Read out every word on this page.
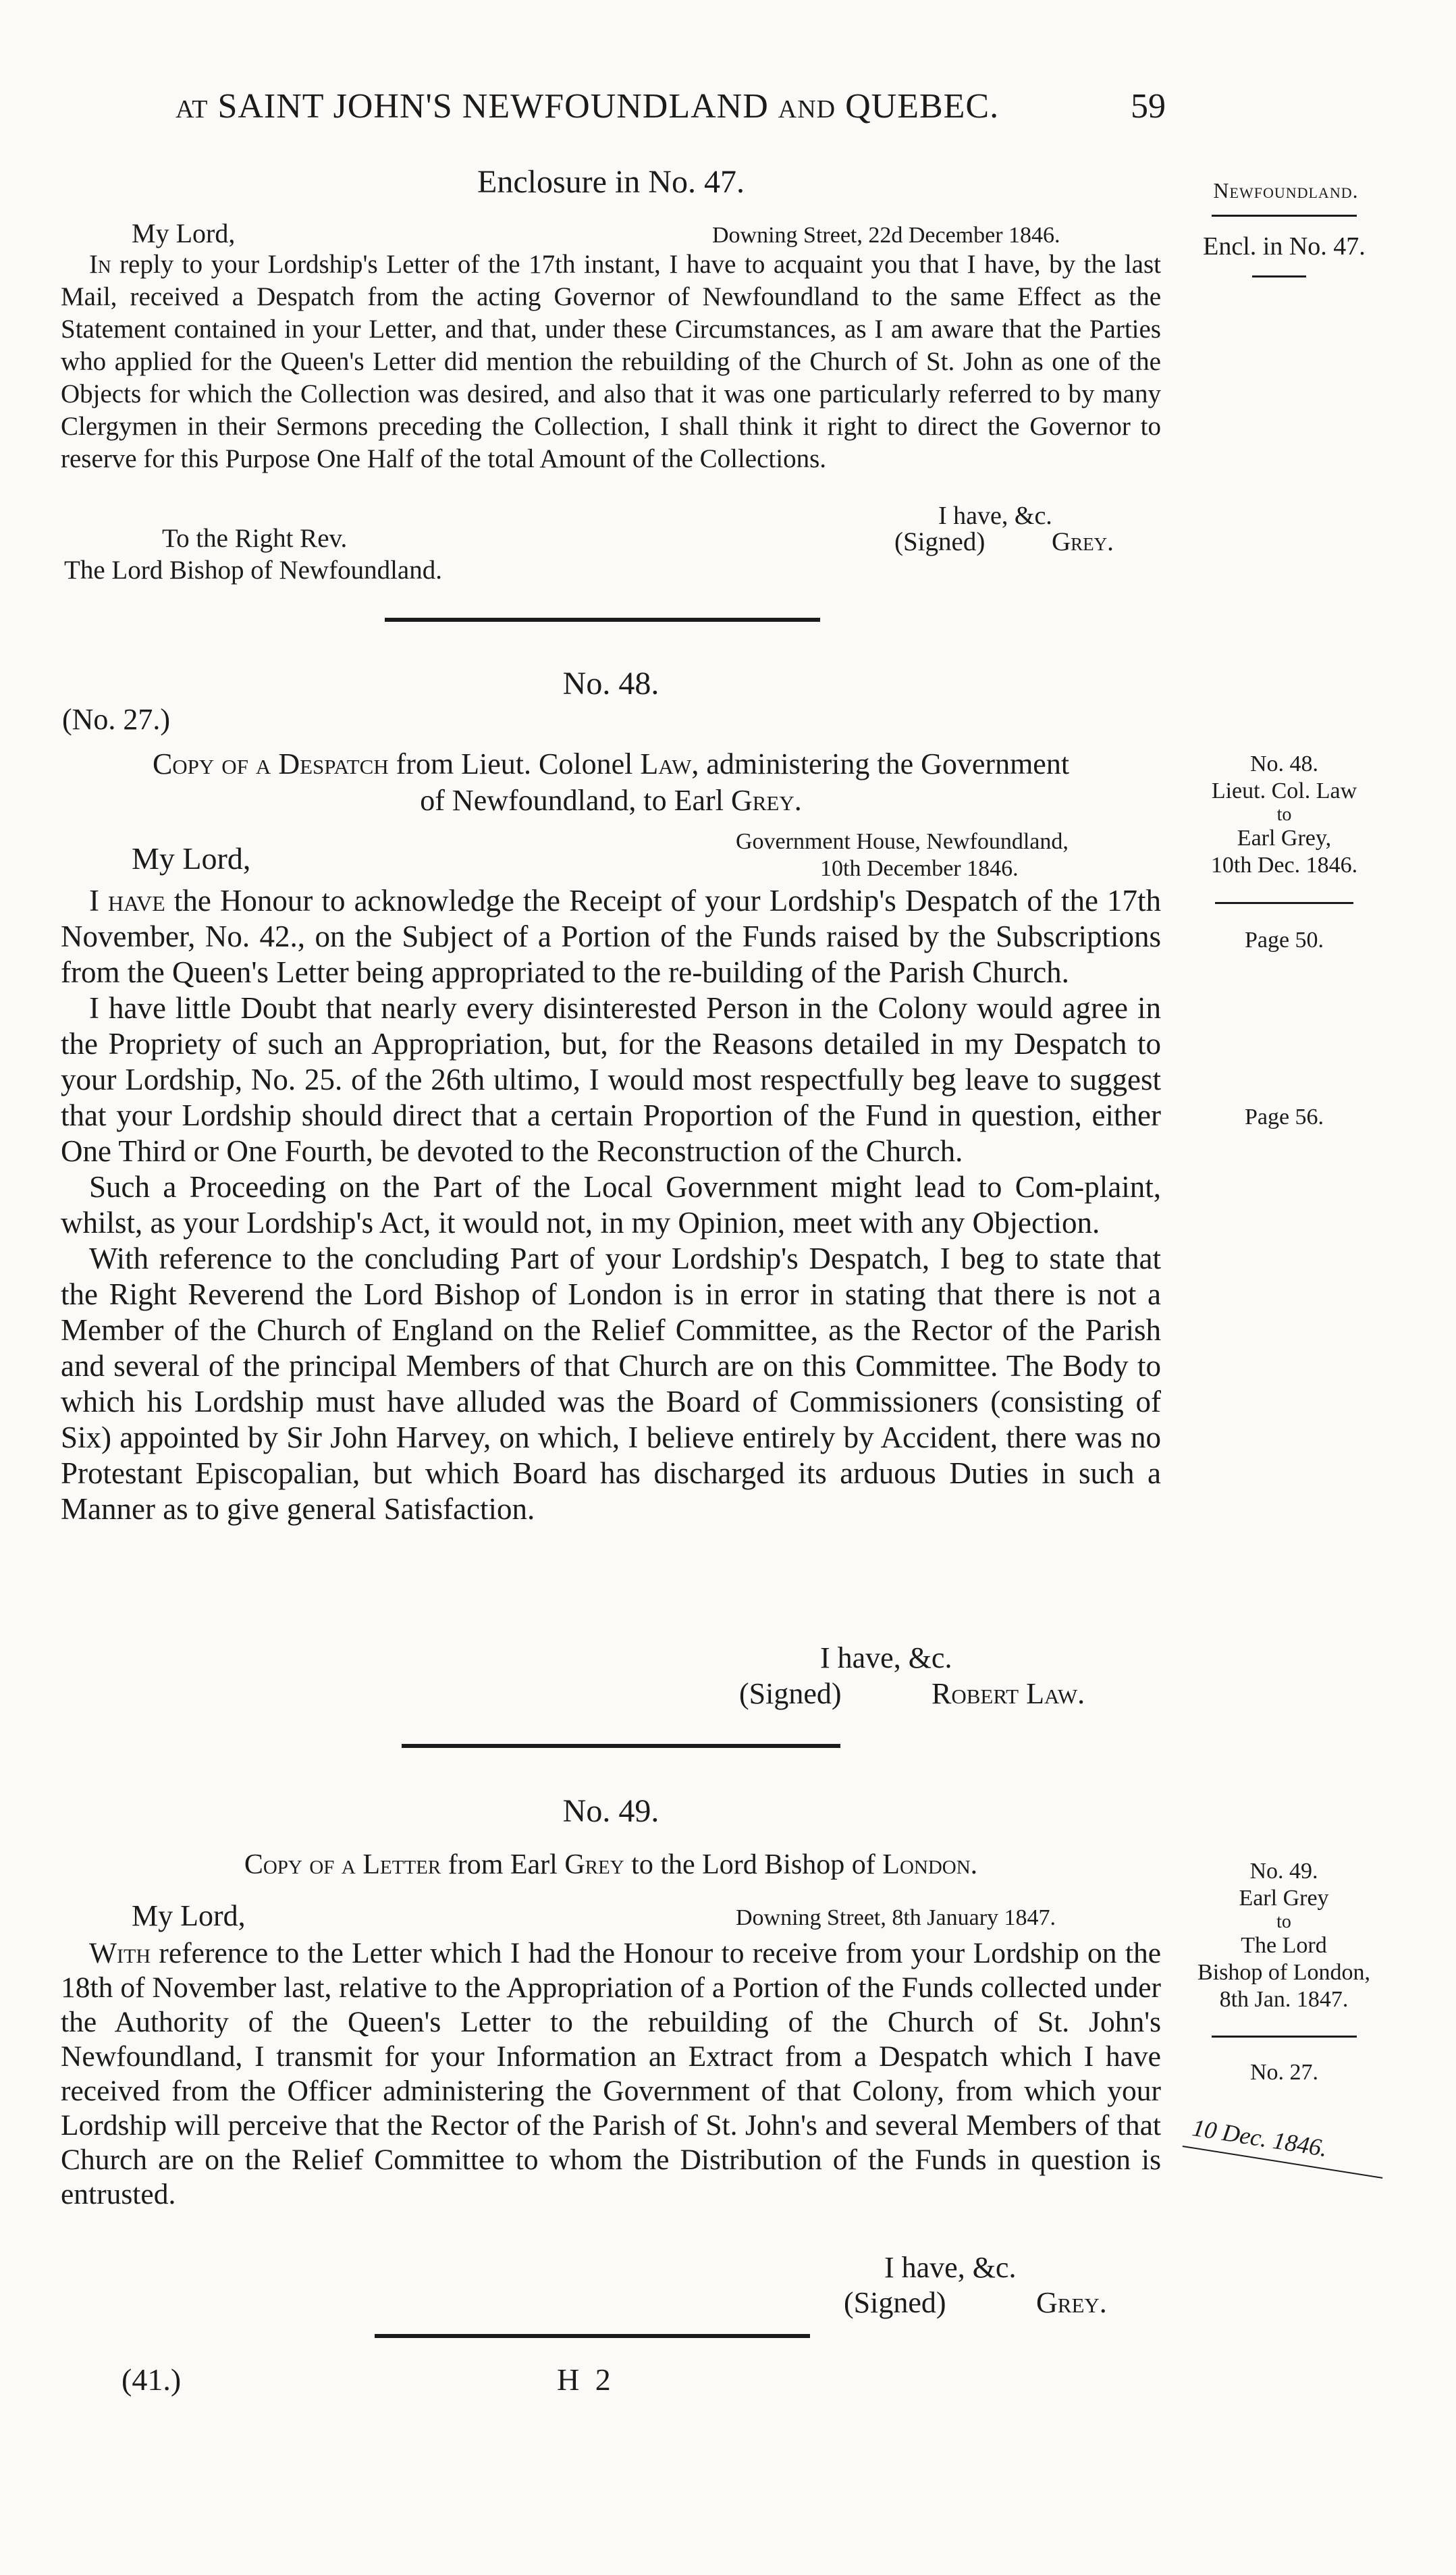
AT SAINT JOHN'S NEWFOUNDLAND AND QUEBEC.	59
Newfoundland.
Encl. in No. 47.
Enclosure in No. 47.
My Lord,	Downing Street, 22d December 1846.

In reply to your Lordship's Letter of the 17th instant, I have to acquaint you that I have, by the last Mail, received a Despatch from the acting Governor of Newfoundland to the same Effect as the Statement contained in your Letter, and that, under these Circumstances, as I am aware that the Parties who applied for the Queen's Letter did mention the rebuilding of the Church of St. John as one of the Objects for which the Collection was desired, and also that it was one particularly referred to by many Clergymen in their Sermons preceding the Collection, I shall think it right to direct the Governor to reserve for this Purpose One Half of the total Amount of the Collections.

I have, &c.
(Signed)	Grey.
To the Right Rev.
The Lord Bishop of Newfoundland.
No. 48.
(No. 27.)
Copy of a Despatch from Lieut. Colonel Law, administering the Government
of Newfoundland, to Earl Grey.
Government House, Newfoundland,
10th December 1846.
My Lord,

I have the Honour to acknowledge the Receipt of your Lordship's Despatch of the 17th November, No. 42., on the Subject of a Portion of the Funds raised by the Subscriptions from the Queen's Letter being appropriated to the re-building of the Parish Church.

I have little Doubt that nearly every disinterested Person in the Colony would agree in the Propriety of such an Appropriation, but, for the Reasons detailed in my Despatch to your Lordship, No. 25. of the 26th ultimo, I would most respectfully beg leave to suggest that your Lordship should direct that a certain Proportion of the Fund in question, either One Third or One Fourth, be devoted to the Reconstruction of the Church.

Such a Proceeding on the Part of the Local Government might lead to Com-plaint, whilst, as your Lordship's Act, it would not, in my Opinion, meet with any Objection.

With reference to the concluding Part of your Lordship's Despatch, I beg to state that the Right Reverend the Lord Bishop of London is in error in stating that there is not a Member of the Church of England on the Relief Committee, as the Rector of the Parish and several of the principal Members of that Church are on this Committee. The Body to which his Lordship must have alluded was the Board of Commissioners (consisting of Six) appointed by Sir John Harvey, on which, I believe entirely by Accident, there was no Protestant Episcopalian, but which Board has discharged its arduous Duties in such a Manner as to give general Satisfaction.

I have, &c.
(Signed)	Robert Law.
No. 48.
Lieut. Col. Law
to
Earl Grey,
10th Dec. 1846.
Page 50.
Page 56.
No. 49.
Copy of a Letter from Earl Grey to the Lord Bishop of London.
My Lord,	Downing Street, 8th January 1847.

With reference to the Letter which I had the Honour to receive from your Lordship on the 18th of November last, relative to the Appropriation of a Portion of the Funds collected under the Authority of the Queen's Letter to the rebuilding of the Church of St. John's Newfoundland, I transmit for your Information an Extract from a Despatch which I have received from the Officer administering the Government of that Colony, from which your Lordship will perceive that the Rector of the Parish of St. John's and several Members of that Church are on the Relief Committee to whom the Distribution of the Funds in question is entrusted.

I have, &c.
(Signed)	Grey.
No. 49.
Earl Grey
to
The Lord
Bishop of London,
8th Jan. 1847.
No. 27.
10 Dec. 1846.
(41.)	H 2
